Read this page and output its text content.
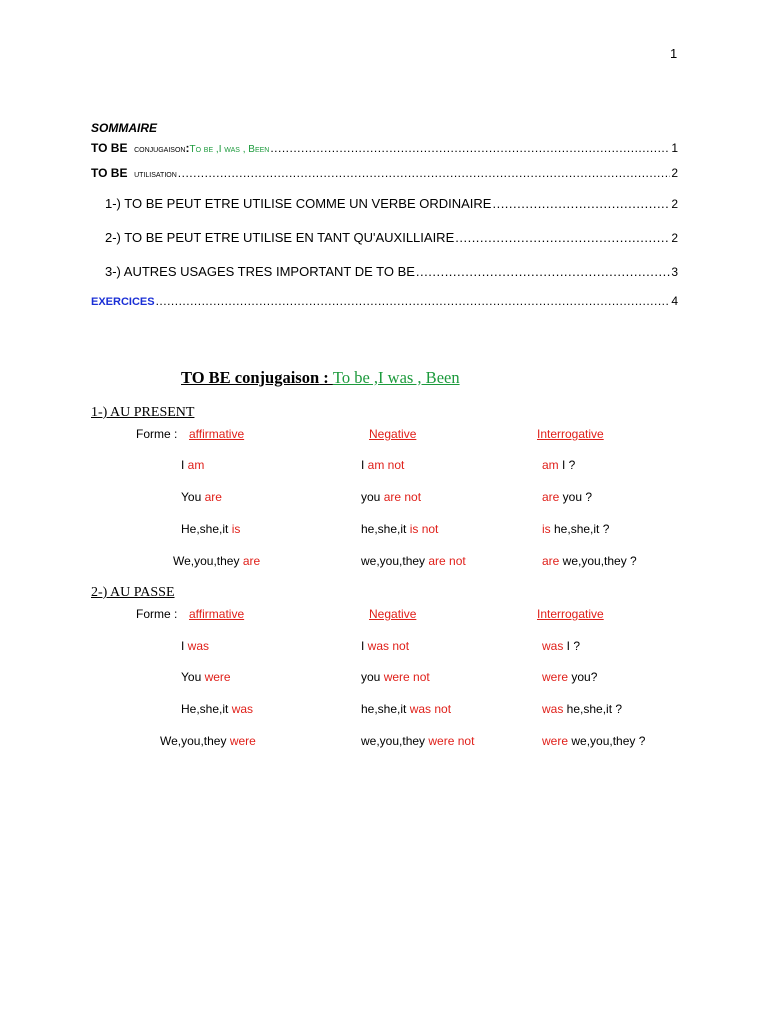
1
SOMMAIRE
TO BE
conjugaison : To be ,I was , Been .....	1
TO BE
utilisation .....	2
1-) TO BE PEUT ETRE UTILISE COMME UN VERBE ORDINAIRE .....	2
2-) TO BE PEUT ETRE UTILISE EN TANT QU'AUXILLIAIRE .....	2
3-) AUTRES USAGES TRES IMPORTANT DE TO BE .....	3
EXERCICES .....	4
TO BE conjugaison : To be ,I was , Been
1-) AU PRESENT
Forme : affirmative	Negative	Interrogative
I am	I am not	am I ?
You are	you are not	are you ?
He,she,it is	he,she,it is not	is he,she,it ?
We,you,they are	we,you,they are not	are we,you,they ?
2-) AU PASSE
Forme : affirmative	Negative	Interrogative
I was	I was not	was I ?
You were	you were not	were you?
He,she,it was	he,she,it was not	was he,she,it ?
We,you,they were	we,you,they were not	were we,you,they ?
